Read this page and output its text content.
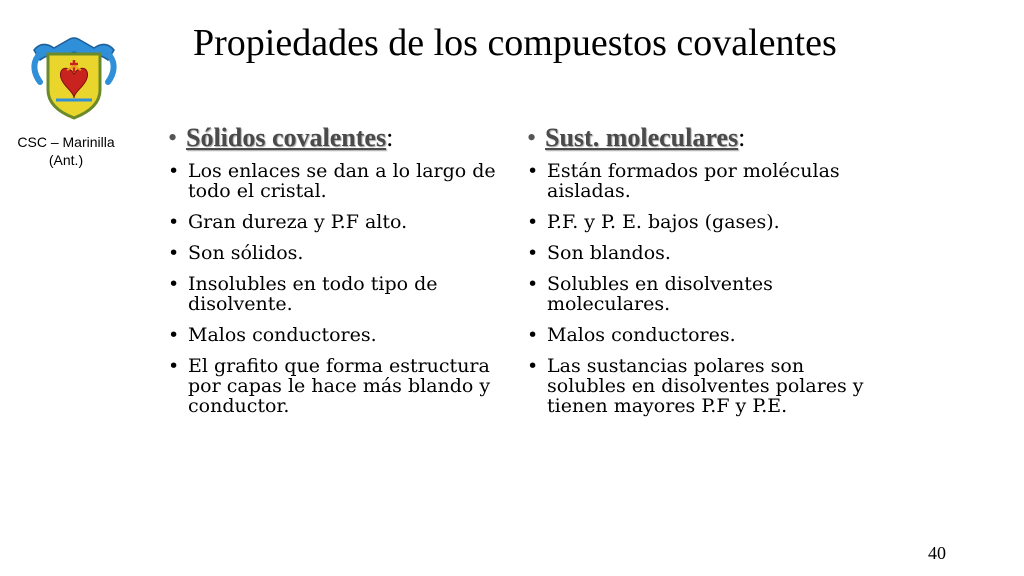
CSC – Marinilla (Ant.)
Propiedades de los compuestos covalentes
• Sólidos covalentes:
• Los enlaces se dan a lo largo de todo el cristal.
• Gran dureza y P.F alto.
• Son sólidos.
• Insolubles en todo tipo de disolvente.
• Malos conductores.
• El grafito que forma estructura por capas le hace más blando y conductor.
• Sust. moleculares:
• Están formados por moléculas aisladas.
• P.F. y P. E. bajos (gases).
• Son blandos.
• Solubles en disolventes moleculares.
• Malos conductores.
• Las sustancias polares son solubles en disolventes polares y tienen mayores P.F y P.E.
40
